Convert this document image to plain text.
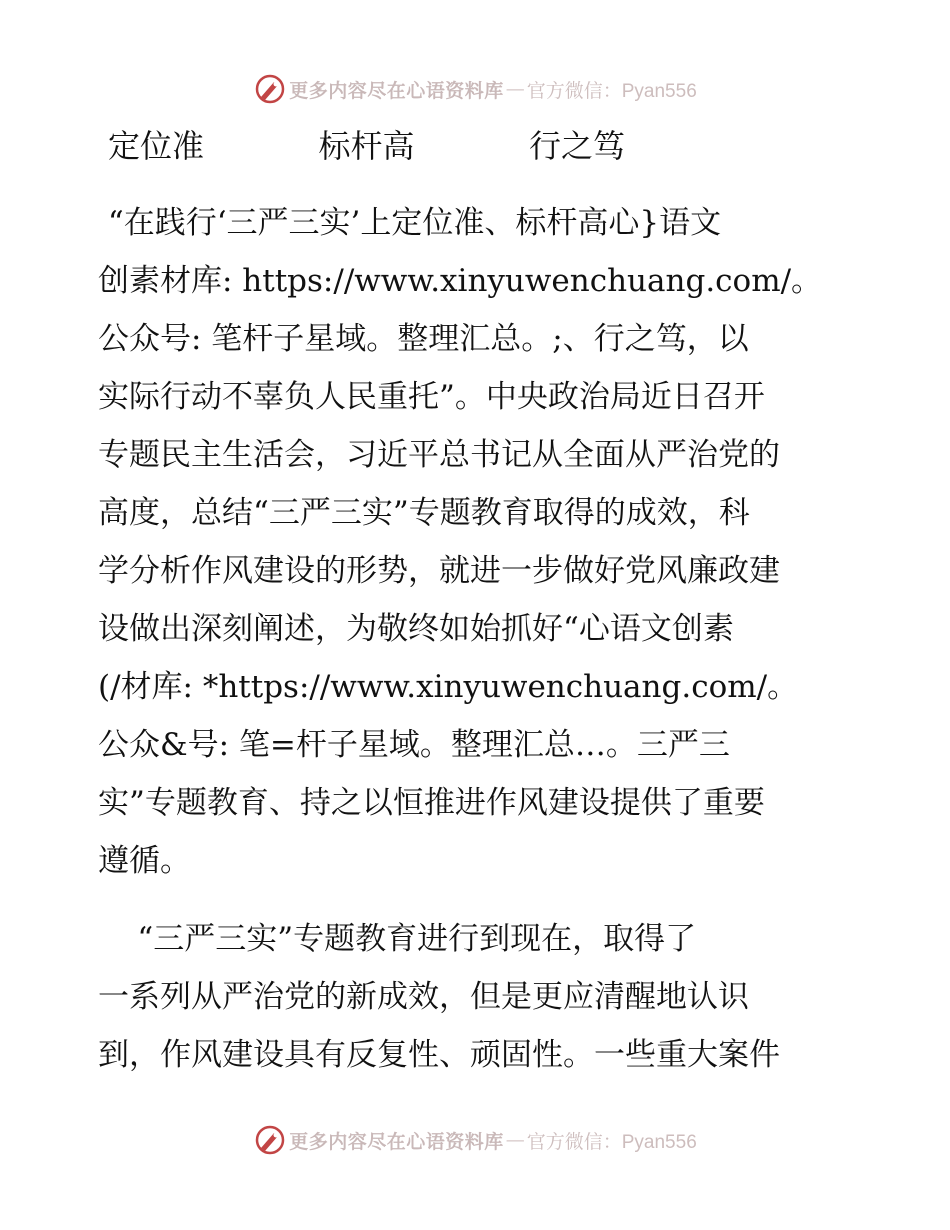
更多内容尽在心语资料库 — 官方微信：Pyan556
定位准   标杆高   行之笃
“在践行‘三严三实’上定位准、标杆高心}语文
创素材库: https://www.xinyuwenchuang.com/。
公众号: 笔杆子星域。整理汇总。;、行之笃，以
实际行动不辜负人民重托”。中央政治局近日召开
专题民主生活会，习近平总书记从全面从严治党的
高度，总结“三严三实”专题教育取得的成效，科
学分析作风建设的形势，就进一步做好党风廉政建
设做出深刻阐述，为敬终如始抓好“心语文创素
(/材库: *https://www.xinyuwenchuang.com/。
公众&号: 笔=杆子星域。整理汇总…。三严三
实”专题教育、持之以恒推进作风建设提供了重要
遵循。
“三严三实”专题教育进行到现在，取得了
一系列从严治党的新成效，但是更应清醒地认识
到，作风建设具有反复性、顽固性。一些重大案件
更多内容尽在心语资料库 — 官方微信：Pyan556
